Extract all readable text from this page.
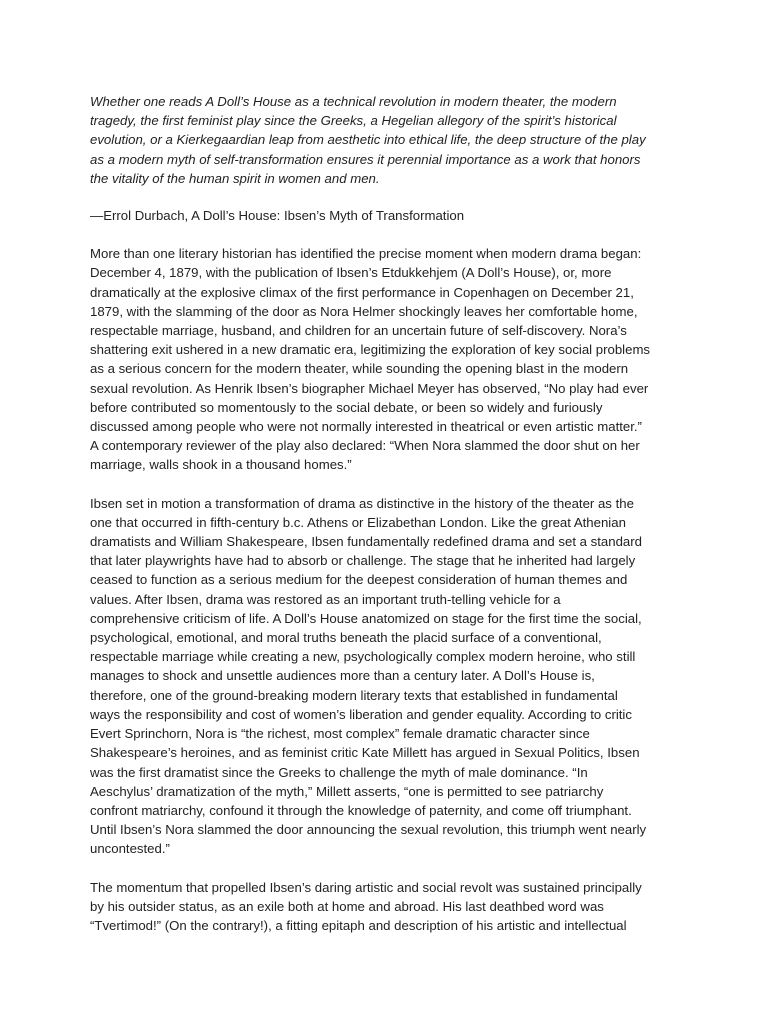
Whether one reads A Doll’s House as a technical revolution in modern theater, the modern
tragedy, the first feminist play since the Greeks, a Hegelian allegory of the spirit’s historical
evolution, or a Kierkegaardian leap from aesthetic into ethical life, the deep structure of the play
as a modern myth of self-transformation ensures it perennial importance as a work that honors
the vitality of the human spirit in women and men.

—Errol Durbach, A Doll’s House: Ibsen’s Myth of Transformation

More than one literary historian has identified the precise moment when modern drama began:
December 4, 1879, with the publication of Ibsen’s Etdukkehjem (A Doll’s House), or, more
dramatically at the explosive climax of the first performance in Copenhagen on December 21,
1879, with the slamming of the door as Nora Helmer shockingly leaves her comfortable home,
respectable marriage, husband, and children for an uncertain future of self-discovery. Nora’s
shattering exit ushered in a new dramatic era, legitimizing the exploration of key social problems
as a serious concern for the modern theater, while sounding the opening blast in the modern
sexual revolution. As Henrik Ibsen’s biographer Michael Meyer has observed, “No play had ever
before contributed so momentously to the social debate, or been so widely and furiously
discussed among people who were not normally interested in theatrical or even artistic matter.”
A contemporary reviewer of the play also declared: “When Nora slammed the door shut on her
marriage, walls shook in a thousand homes.”

Ibsen set in motion a transformation of drama as distinctive in the history of the theater as the
one that occurred in fifth-century b.c. Athens or Elizabethan London. Like the great Athenian
dramatists and William Shakespeare, Ibsen fundamentally redefined drama and set a standard
that later playwrights have had to absorb or challenge. The stage that he inherited had largely
ceased to function as a serious medium for the deepest consideration of human themes and
values. After Ibsen, drama was restored as an important truth-telling vehicle for a
comprehensive criticism of life. A Doll’s House anatomized on stage for the first time the social,
psychological, emotional, and moral truths beneath the placid surface of a conventional,
respectable marriage while creating a new, psychologically complex modern heroine, who still
manages to shock and unsettle audiences more than a century later. A Doll’s House is,
therefore, one of the ground-breaking modern literary texts that established in fundamental
ways the responsibility and cost of women’s liberation and gender equality. According to critic
Evert Sprinchorn, Nora is “the richest, most complex” female dramatic character since
Shakespeare’s heroines, and as feminist critic Kate Millett has argued in Sexual Politics, Ibsen
was the first dramatist since the Greeks to challenge the myth of male dominance. “In
Aeschylus’ dramatization of the myth,” Millett asserts, “one is permitted to see patriarchy
confront matriarchy, confound it through the knowledge of paternity, and come off triumphant.
Until Ibsen’s Nora slammed the door announcing the sexual revolution, this triumph went nearly
uncontested.”

The momentum that propelled Ibsen’s daring artistic and social revolt was sustained principally
by his outsider status, as an exile both at home and abroad. His last deathbed word was
“Tvertimod!” (On the contrary!), a fitting epitaph and description of his artistic and intellectual
